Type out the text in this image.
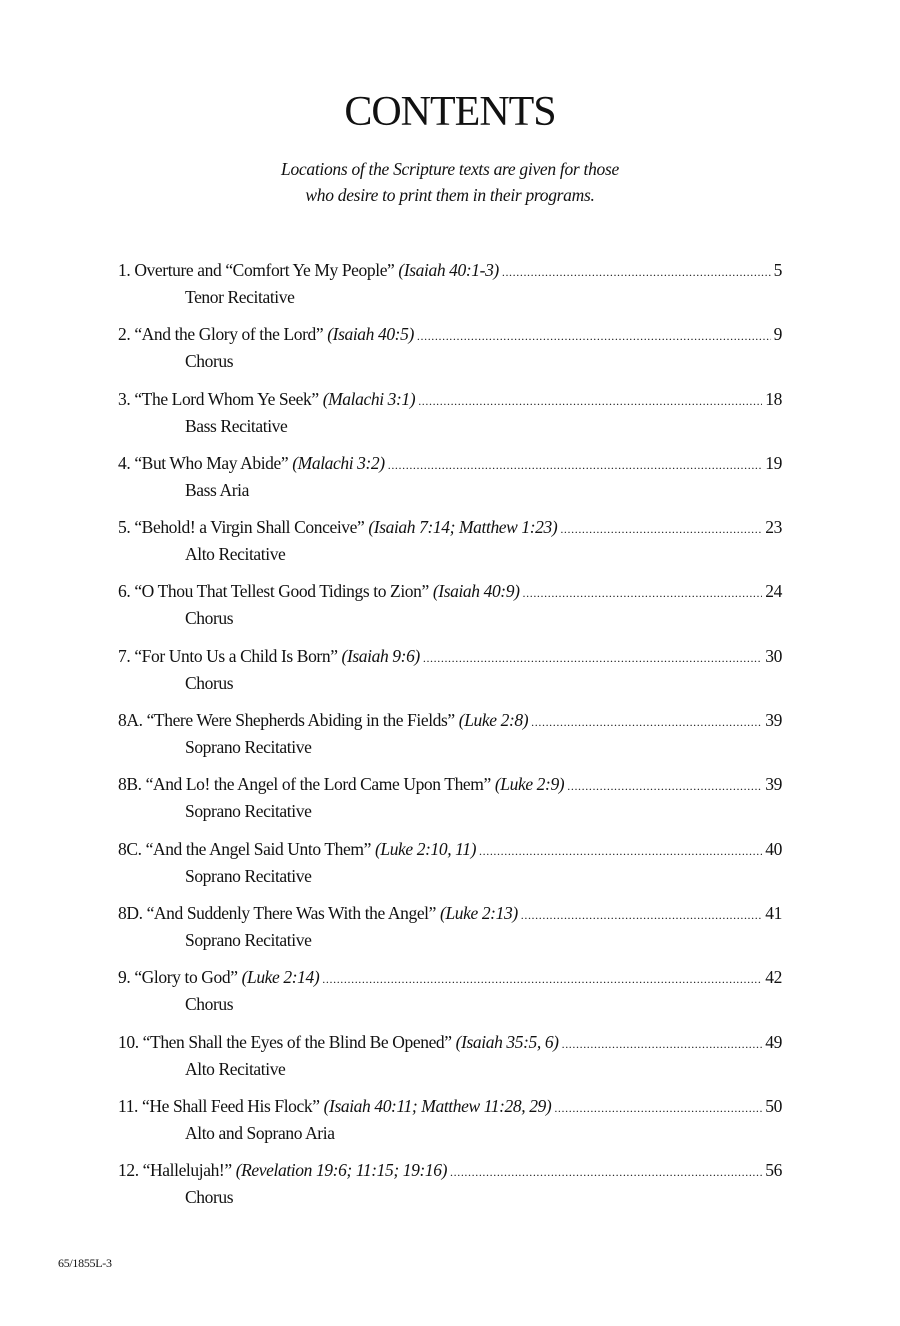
CONTENTS
Locations of the Scripture texts are given for those
who desire to print them in their programs.
1. Overture and “Comfort Ye My People” (Isaiah 40:1-3) .....	5
Tenor Recitative
2. “And the Glory of the Lord” (Isaiah 40:5) .....	9
Chorus
3. “The Lord Whom Ye Seek” (Malachi 3:1) .....	18
Bass Recitative
4. “But Who May Abide” (Malachi 3:2) .....	19
Bass Aria
5. “Behold! a Virgin Shall Conceive” (Isaiah 7:14; Matthew 1:23) .....	23
Alto Recitative
6. “O Thou That Tellest Good Tidings to Zion” (Isaiah 40:9) .....	24
Chorus
7. “For Unto Us a Child Is Born” (Isaiah 9:6) .....	30
Chorus
8A. “There Were Shepherds Abiding in the Fields” (Luke 2:8) .....	39
Soprano Recitative
8B. “And Lo! the Angel of the Lord Came Upon Them” (Luke 2:9) .....	39
Soprano Recitative
8C. “And the Angel Said Unto Them” (Luke 2:10, 11) .....	40
Soprano Recitative
8D. “And Suddenly There Was With the Angel” (Luke 2:13) .....	41
Soprano Recitative
9. “Glory to God” (Luke 2:14) .....	42
Chorus
10. “Then Shall the Eyes of the Blind Be Opened” (Isaiah 35:5, 6) .....	49
Alto Recitative
11. “He Shall Feed His Flock” (Isaiah 40:11; Matthew 11:28, 29) .....	50
Alto and Soprano Aria
12. “Hallelujah!” (Revelation 19:6; 11:15; 19:16) .....	56
Chorus
65/1855L-3
